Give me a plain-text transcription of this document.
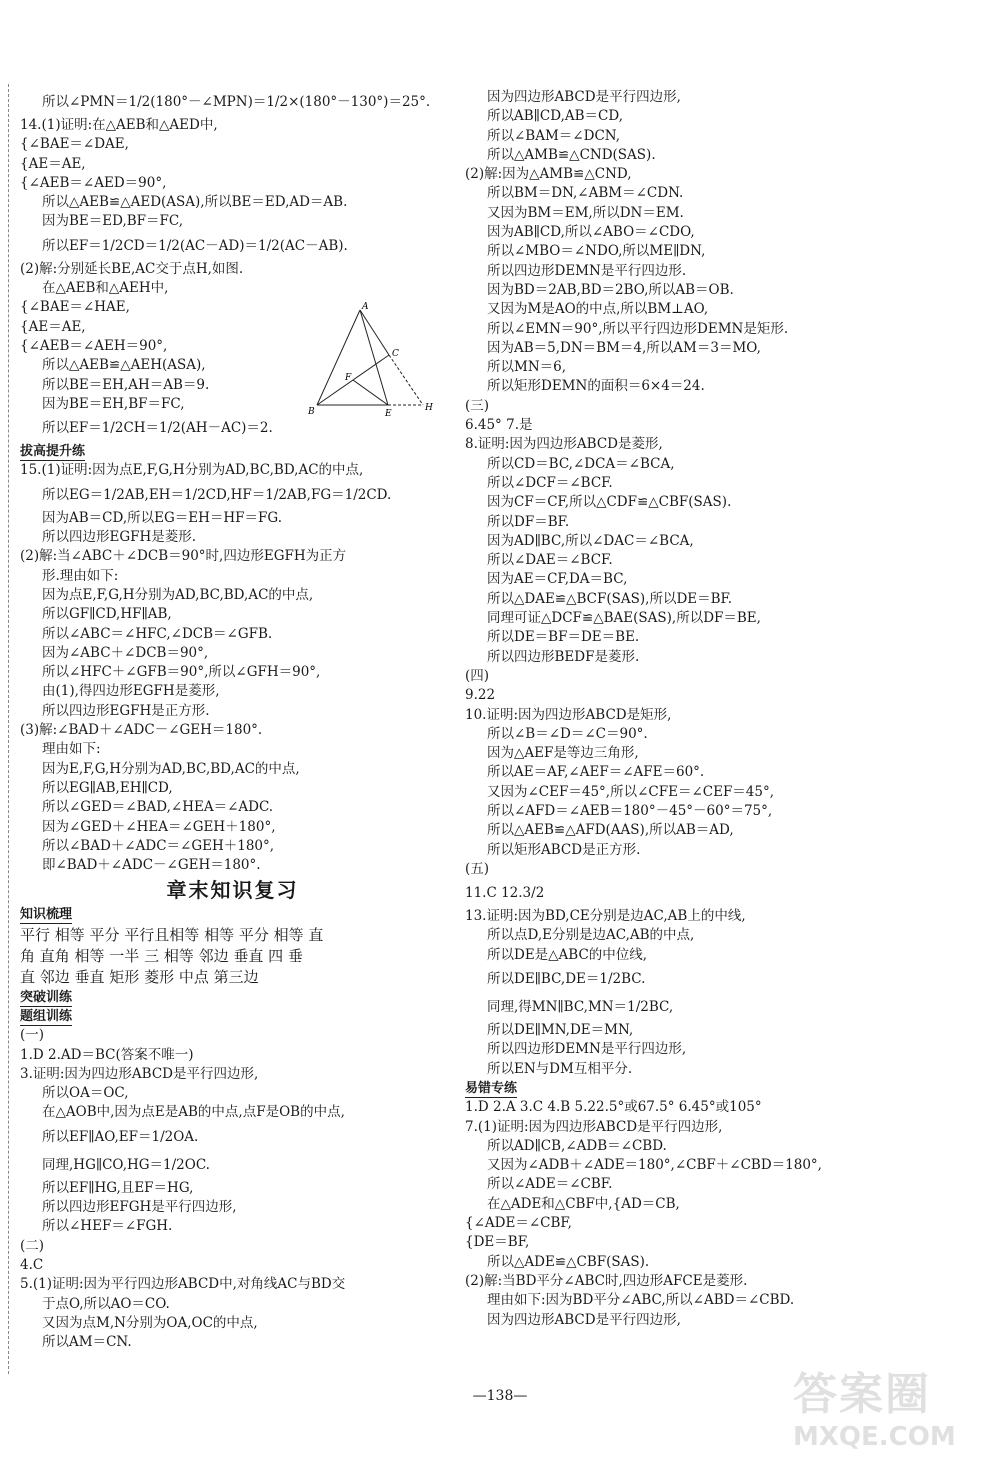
所以∠PMN＝1/2(180°－∠MPN)＝1/2×(180°－130°)＝25°.
14.(1)证明:在△AEB和△AED中,
{∠BAE＝∠DAE,
{AE＝AE,
{∠AEB＝∠AED＝90°,
所以△AEB≌△AED(ASA),所以BE＝ED,AD＝AB.
因为BE＝ED,BF＝FC,
所以EF＝1/2CD＝1/2(AC－AD)＝1/2(AC－AB).
(2)解:分别延长BE,AC交于点H,如图.
在△AEB和△AEH中,
{∠BAE＝∠HAE,
{AE＝AE,
{∠AEB＝∠AEH＝90°,
所以△AEB≌△AEH(ASA),
所以BE＝EH,AH＝AB＝9.
因为BE＝EH,BF＝FC,
所以EF＝1/2CH＝1/2(AH－AC)＝2.
拔高提升练
15.(1)证明:因为点E,F,G,H分别为AD,BC,BD,AC的中点,
所以EG＝1/2AB,EH＝1/2CD,HF＝1/2AB,FG＝1/2CD.
因为AB＝CD,所以EG＝EH＝HF＝FG.
所以四边形EGFH是菱形.
(2)解:当∠ABC＋∠DCB＝90°时,四边形EGFH为正方
形.理由如下:
因为点E,F,G,H分别为AD,BC,BD,AC的中点,
所以GF∥CD,HF∥AB,
所以∠ABC＝∠HFC,∠DCB＝∠GFB.
因为∠ABC＋∠DCB＝90°,
所以∠HFC＋∠GFB＝90°,所以∠GFH＝90°,
由(1),得四边形EGFH是菱形,
所以四边形EGFH是正方形.
(3)解:∠BAD＋∠ADC－∠GEH＝180°.
理由如下:
因为E,F,G,H分别为AD,BC,BD,AC的中点,
所以EG∥AB,EH∥CD,
所以∠GED＝∠BAD,∠HEA＝∠ADC.
因为∠GED＋∠HEA＝∠GEH＋180°,
所以∠BAD＋∠ADC＝∠GEH＋180°,
即∠BAD＋∠ADC－∠GEH＝180°.
章末知识复习
知识梳理
平行 相等 平分 平行且相等 相等 平分 相等 直
角 直角 相等 一半 三 相等 邻边 垂直 四 垂
直 邻边 垂直 矩形 菱形 中点 第三边
突破训练
题组训练
(一)
1.D 2.AD＝BC(答案不唯一)
3.证明:因为四边形ABCD是平行四边形,
所以OA＝OC,
在△AOB中,因为点E是AB的中点,点F是OB的中点,
所以EF∥AO,EF＝1/2OA.
同理,HG∥CO,HG＝1/2OC.
所以EF∥HG,且EF＝HG,
所以四边形EFGH是平行四边形,
所以∠HEF＝∠FGH.
(二)
4.C
5.(1)证明:因为平行四边形ABCD中,对角线AC与BD交
于点O,所以AO＝CO.
又因为点M,N分别为OA,OC的中点,
所以AM＝CN.
因为四边形ABCD是平行四边形,
所以AB∥CD,AB＝CD,
所以∠BAM＝∠DCN,
所以△AMB≌△CND(SAS).
(2)解:因为△AMB≌△CND,
所以BM＝DN,∠ABM＝∠CDN.
又因为BM＝EM,所以DN＝EM.
因为AB∥CD,所以∠ABO＝∠CDO,
所以∠MBO＝∠NDO,所以ME∥DN,
所以四边形DEMN是平行四边形.
因为BD＝2AB,BD＝2BO,所以AB＝OB.
又因为M是AO的中点,所以BM⊥AO,
所以∠EMN＝90°,所以平行四边形DEMN是矩形.
因为AB＝5,DN＝BM＝4,所以AM＝3＝MO,
所以MN＝6,
所以矩形DEMN的面积＝6×4＝24.
(三)
6.45° 7.是
8.证明:因为四边形ABCD是菱形,
所以CD＝BC,∠DCA＝∠BCA,
所以∠DCF＝∠BCF.
因为CF＝CF,所以△CDF≌△CBF(SAS).
所以DF＝BF.
因为AD∥BC,所以∠DAC＝∠BCA,
所以∠DAE＝∠BCF.
因为AE＝CF,DA＝BC,
所以△DAE≌△BCF(SAS),所以DE＝BF.
同理可证△DCF≌△BAE(SAS),所以DF＝BE,
所以DE＝BF＝DE＝BE.
所以四边形BEDF是菱形.
(四)
9.22
10.证明:因为四边形ABCD是矩形,
所以∠B＝∠D＝∠C＝90°.
因为△AEF是等边三角形,
所以AE＝AF,∠AEF＝∠AFE＝60°.
又因为∠CEF＝45°,所以∠CFE＝∠CEF＝45°,
所以∠AFD＝∠AEB＝180°－45°－60°＝75°,
所以△AEB≌△AFD(AAS),所以AB＝AD,
所以矩形ABCD是正方形.
(五)
11.C 12.3/2
13.证明:因为BD,CE分别是边AC,AB上的中线,
所以点D,E分别是边AC,AB的中点,
所以DE是△ABC的中位线,
所以DE∥BC,DE＝1/2BC.
同理,得MN∥BC,MN＝1/2BC,
所以DE∥MN,DE＝MN,
所以四边形DEMN是平行四边形,
所以EN与DM互相平分.
易错专练
1.D 2.A 3.C 4.B 5.22.5°或67.5° 6.45°或105°
7.(1)证明:因为四边形ABCD是平行四边形,
所以AD∥CB,∠ADB＝∠CBD.
又因为∠ADB＋∠ADE＝180°,∠CBF＋∠CBD＝180°,
所以∠ADE＝∠CBF.
在△ADE和△CBF中,{AD＝CB,
{∠ADE＝∠CBF,
{DE＝BF,
所以△ADE≌△CBF(SAS).
(2)解:当BD平分∠ABC时,四边形AFCE是菱形.
理由如下:因为BD平分∠ABC,所以∠ABD＝∠CBD.
因为四边形ABCD是平行四边形,
A
B
C
E
F
H
—138—	答案圈
MXQE.COM
